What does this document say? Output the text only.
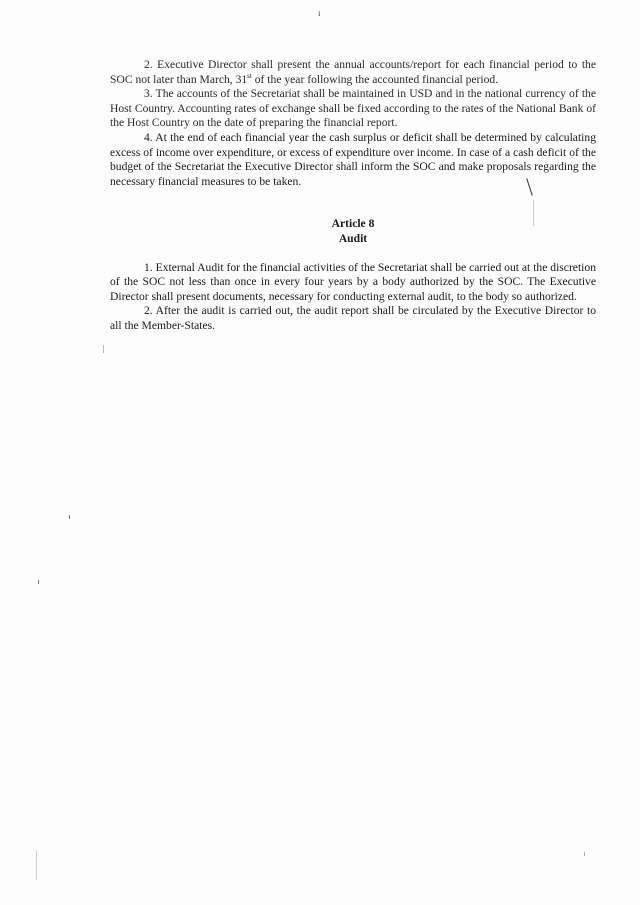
ı

2. Executive Director shall present the annual accounts/report for each financial period to the SOC not later than March, 31st of the year following the accounted financial period.

3. The accounts of the Secretariat shall be maintained in USD and in the national currency of the Host Country. Accounting rates of exchange shall be fixed according to the rates of the National Bank of the Host Country on the date of preparing the financial report.

4. At the end of each financial year the cash surplus or deficit shall be determined by calculating excess of income over expenditure, or excess of expenditure over income. In case of a cash deficit of the budget of the Secretariat the Executive Director shall inform the SOC and make proposals regarding the necessary financial measures to be taken.

Article 8
Audit

1. External Audit for the financial activities of the Secretariat shall be carried out at the discretion of the SOC not less than once in every four years by a body authorized by the SOC. The Executive Director shall present documents, necessary for conducting external audit, to the body so authorized.

2. After the audit is carried out, the audit report shall be circulated by the Executive Director to all the Member-States.
